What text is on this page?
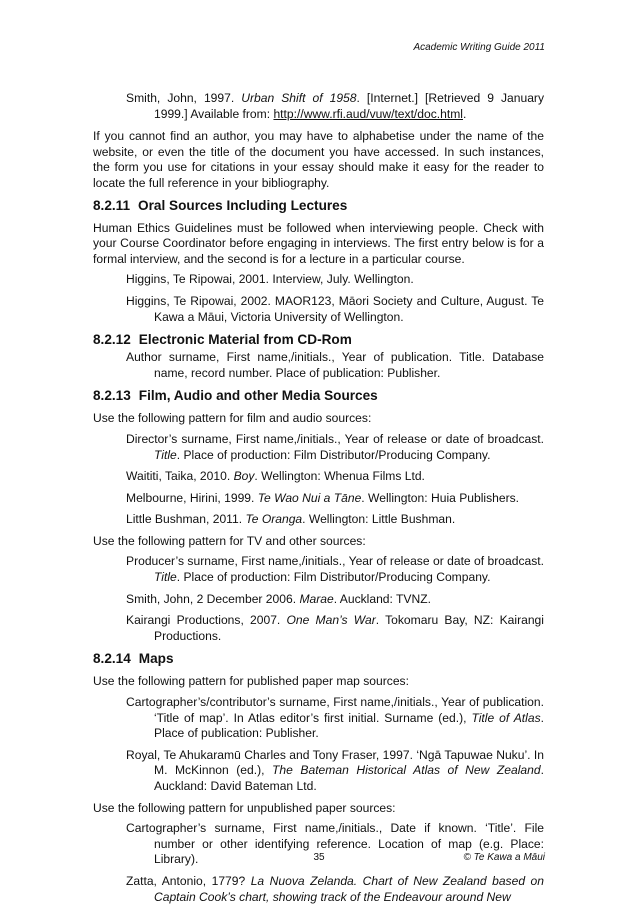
Academic Writing Guide 2011

Smith, John, 1997. Urban Shift of 1958. [Internet.] [Retrieved 9 January 1999.] Available from: http://www.rfi.aud/vuw/text/doc.html.

If you cannot find an author, you may have to alphabetise under the name of the website, or even the title of the document you have accessed. In such instances, the form you use for citations in your essay should make it easy for the reader to locate the full reference in your bibliography.

8.2.11 Oral Sources Including Lectures

Human Ethics Guidelines must be followed when interviewing people. Check with your Course Coordinator before engaging in interviews. The first entry below is for a formal interview, and the second is for a lecture in a particular course.

Higgins, Te Ripowai, 2001. Interview, July. Wellington.

Higgins, Te Ripowai, 2002. MAOR123, Māori Society and Culture, August. Te Kawa a Māui, Victoria University of Wellington.

8.2.12 Electronic Material from CD-Rom

Author surname, First name,/initials., Year of publication. Title. Database name, record number. Place of publication: Publisher.

8.2.13 Film, Audio and other Media Sources

Use the following pattern for film and audio sources:

Director’s surname, First name,/initials., Year of release or date of broadcast. Title. Place of production: Film Distributor/Producing Company.

Waititi, Taika, 2010. Boy. Wellington: Whenua Films Ltd.

Melbourne, Hirini, 1999. Te Wao Nui a Tāne. Wellington: Huia Publishers.

Little Bushman, 2011. Te Oranga. Wellington: Little Bushman.

Use the following pattern for TV and other sources:

Producer’s surname, First name,/initials., Year of release or date of broadcast. Title. Place of production: Film Distributor/Producing Company.

Smith, John, 2 December 2006. Marae. Auckland: TVNZ.

Kairangi Productions, 2007. One Man’s War. Tokomaru Bay, NZ: Kairangi Productions.

8.2.14 Maps

Use the following pattern for published paper map sources:

Cartographer’s/contributor’s surname, First name,/initials., Year of publication. ‘Title of map’. In Atlas editor’s first initial. Surname (ed.), Title of Atlas. Place of publication: Publisher.

Royal, Te Ahukaramū Charles and Tony Fraser, 1997. ‘Ngā Tapuwae Nuku’. In M. McKinnon (ed.), The Bateman Historical Atlas of New Zealand. Auckland: David Bateman Ltd.

Use the following pattern for unpublished paper sources:

Cartographer’s surname, First name,/initials., Date if known. ‘Title’. File number or other identifying reference. Location of map (e.g. Place: Library).

Zatta, Antonio, 1779? La Nuova Zelanda. Chart of New Zealand based on Captain Cook’s chart, showing track of the Endeavour around New

35	© Te Kawa a Māui
